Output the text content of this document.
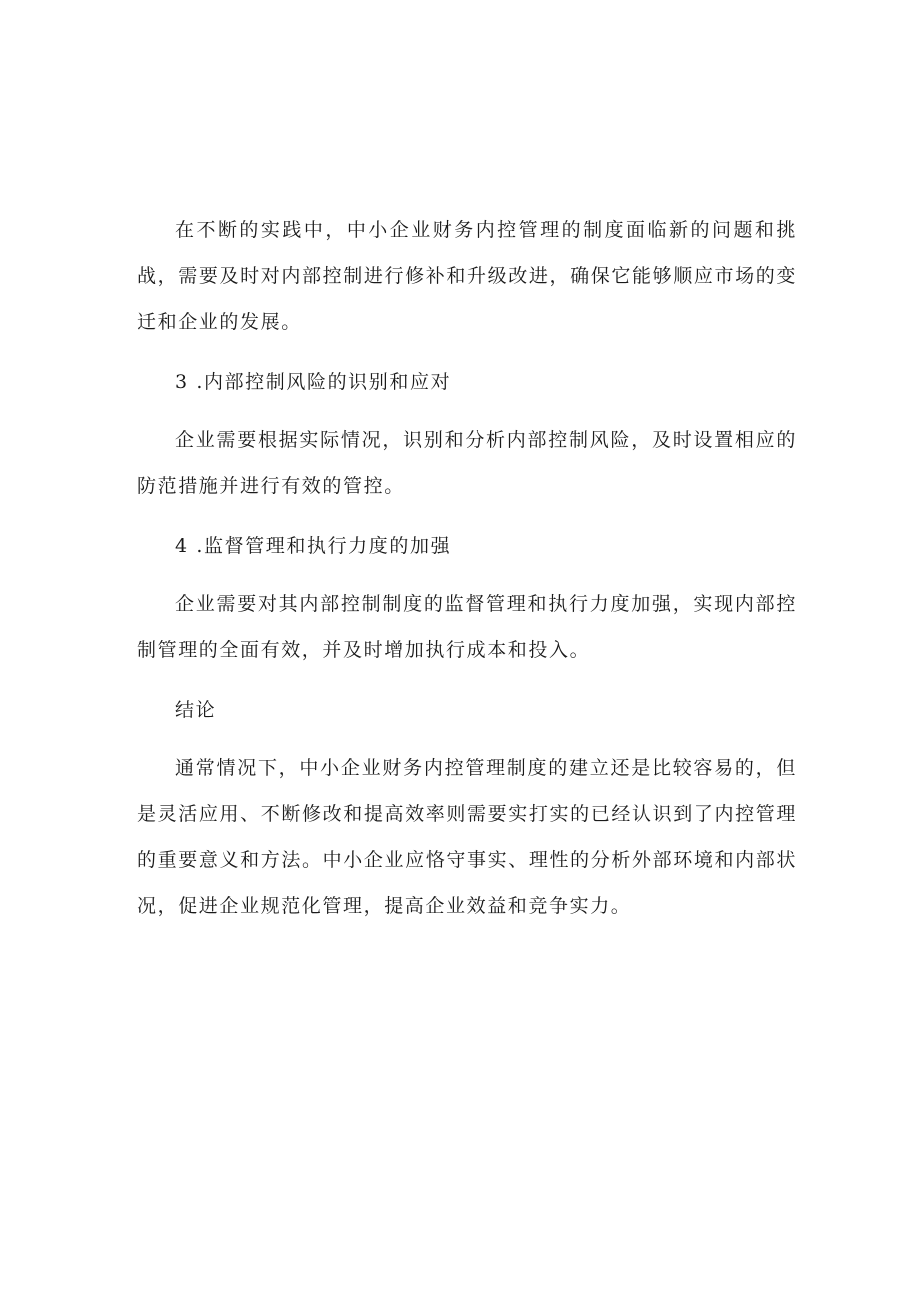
在不断的实践中，中小企业财务内控管理的制度面临新的问题和挑战，需要及时对内部控制进行修补和升级改进，确保它能够顺应市场的变迁和企业的发展。

3 .内部控制风险的识别和应对

企业需要根据实际情况，识别和分析内部控制风险，及时设置相应的防范措施并进行有效的管控。

4 .监督管理和执行力度的加强

企业需要对其内部控制制度的监督管理和执行力度加强，实现内部控制管理的全面有效，并及时增加执行成本和投入。

结论

通常情况下，中小企业财务内控管理制度的建立还是比较容易的，但是灵活应用、不断修改和提高效率则需要实打实的已经认识到了内控管理的重要意义和方法。中小企业应恪守事实、理性的分析外部环境和内部状况，促进企业规范化管理，提高企业效益和竞争实力。
